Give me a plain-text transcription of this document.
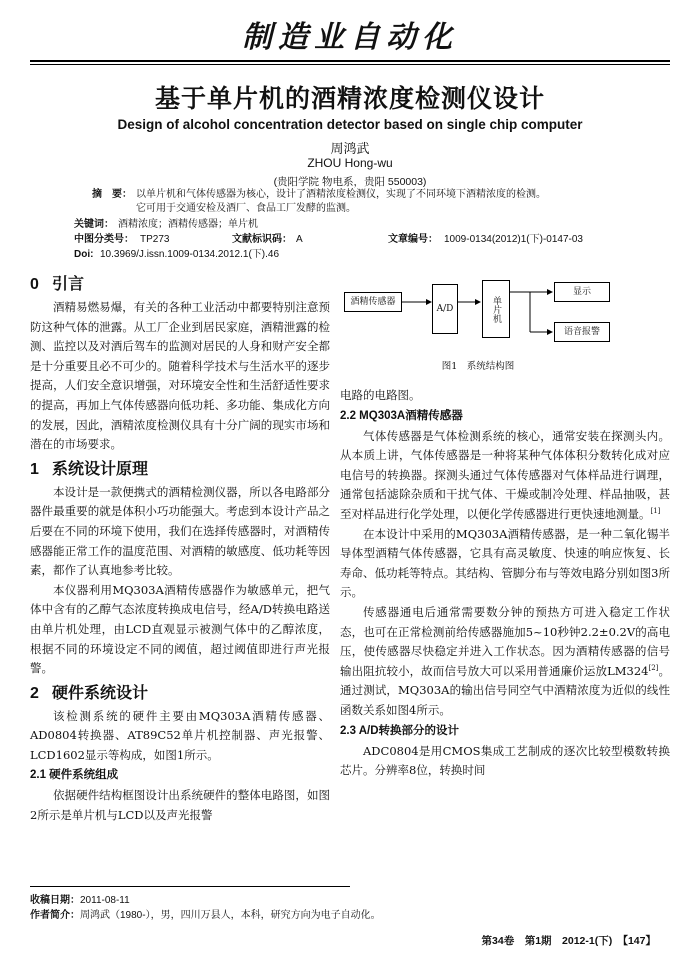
制造业自动化
基于单片机的酒精浓度检测仪设计
Design of alcohol concentration detector based on single chip computer
周鸿武
ZHOU Hong-wu
(贵阳学院 物电系，贵阳 550003)
摘　要： 以单片机和气体传感器为核心，设计了酒精浓度检测仪，实现了不同环境下酒精浓度的检测。
它可用于交通安检及酒厂、食品工厂发酵的监测。
关键词： 酒精浓度；酒精传感器；单片机
中图分类号： TP273	文献标识码： A	文章编号： 1009-0134(2012)1(下)-0147-03
Doi: 10.3969/J.issn.1009-0134.2012.1(下).46
0 引言

酒精易燃易爆，有关的各种工业活动中都要特别注意预防这种气体的泄露。从工厂企业到居民家庭，酒精泄露的检测、监控以及对酒后驾车的监测对居民的人身和财产安全都是十分重要且必不可少的。随着科学技术与生活水平的逐步提高，人们安全意识增强，对环境安全性和生活舒适性要求的提高，再加上气体传感器向低功耗、多功能、集成化方向的发展，因此，酒精浓度检测仪具有十分广阔的现实市场和潜在的市场要求。

1 系统设计原理

本设计是一款便携式的酒精检测仪器，所以各电路部分器件最重要的就是体积小巧功能强大。考虑到本设计产品之后要在不同的环境下使用，我们在选择传感器时，对酒精传感器能正常工作的温度范围、对酒精的敏感度、低功耗等因素，都作了认真地参考比较。

本仪器利用MQ303A酒精传感器作为敏感单元，把气体中含有的乙醇气态浓度转换成电信号，经A/D转换电路送由单片机处理，由LCD直观显示被测气体中的乙醇浓度，根据不同的环境设定不同的阈值，超过阈值即进行声光报警。

2 硬件系统设计

该检测系统的硬件主要由MQ303A酒精传感器、AD0804转换器、AT89C52单片机控制器、声光报警、LCD1602显示等构成，如图1所示。

2.1 硬件系统组成

依据硬件结构框图设计出系统硬件的整体电路图，如图2所示是单片机与LCD以及声光报警

酒精传感器
A/D	单片机
显示
语音报警
图1　系统结构图

电路的电路图。

2.2 MQ303A酒精传感器

气体传感器是气体检测系统的核心，通常安装在探测头内。从本质上讲，气体传感器是一种将某种气体体积分数转化成对应电信号的转换器。探测头通过气体传感器对气体样品进行调理，通常包括滤除杂质和干扰气体、干燥或制冷处理、样品抽吸，甚至对样品进行化学处理，以便化学传感器进行更快速地测量。[1]

在本设计中采用的MQ303A酒精传感器，是一种二氧化锡半导体型酒精气体传感器，它具有高灵敏度、快速的响应恢复、长寿命、低功耗等特点。其结构、管脚分布与等效电路分别如图3所示。

传感器通电后通常需要数分钟的预热方可进入稳定工作状态，也可在正常检测前给传感器施加5~10秒钟2.2±0.2V的高电压，使传感器尽快稳定并进入工作状态。因为酒精传感器的信号输出阻抗较小，故而信号放大可以采用普通廉价运放LM324[2]。通过测试，MQ303A的输出信号同空气中酒精浓度为近似的线性函数关系如图4所示。

2.3 A/D转换部分的设计

ADC0804是用CMOS集成工艺制成的逐次比较型模数转换芯片。分辨率8位，转换时间

收稿日期：2011-08-11
作者简介：周鸿武（1980-），男，四川万县人，本科，研究方向为电子自动化。
第34卷　第1期　2012-1(下)　【147】
